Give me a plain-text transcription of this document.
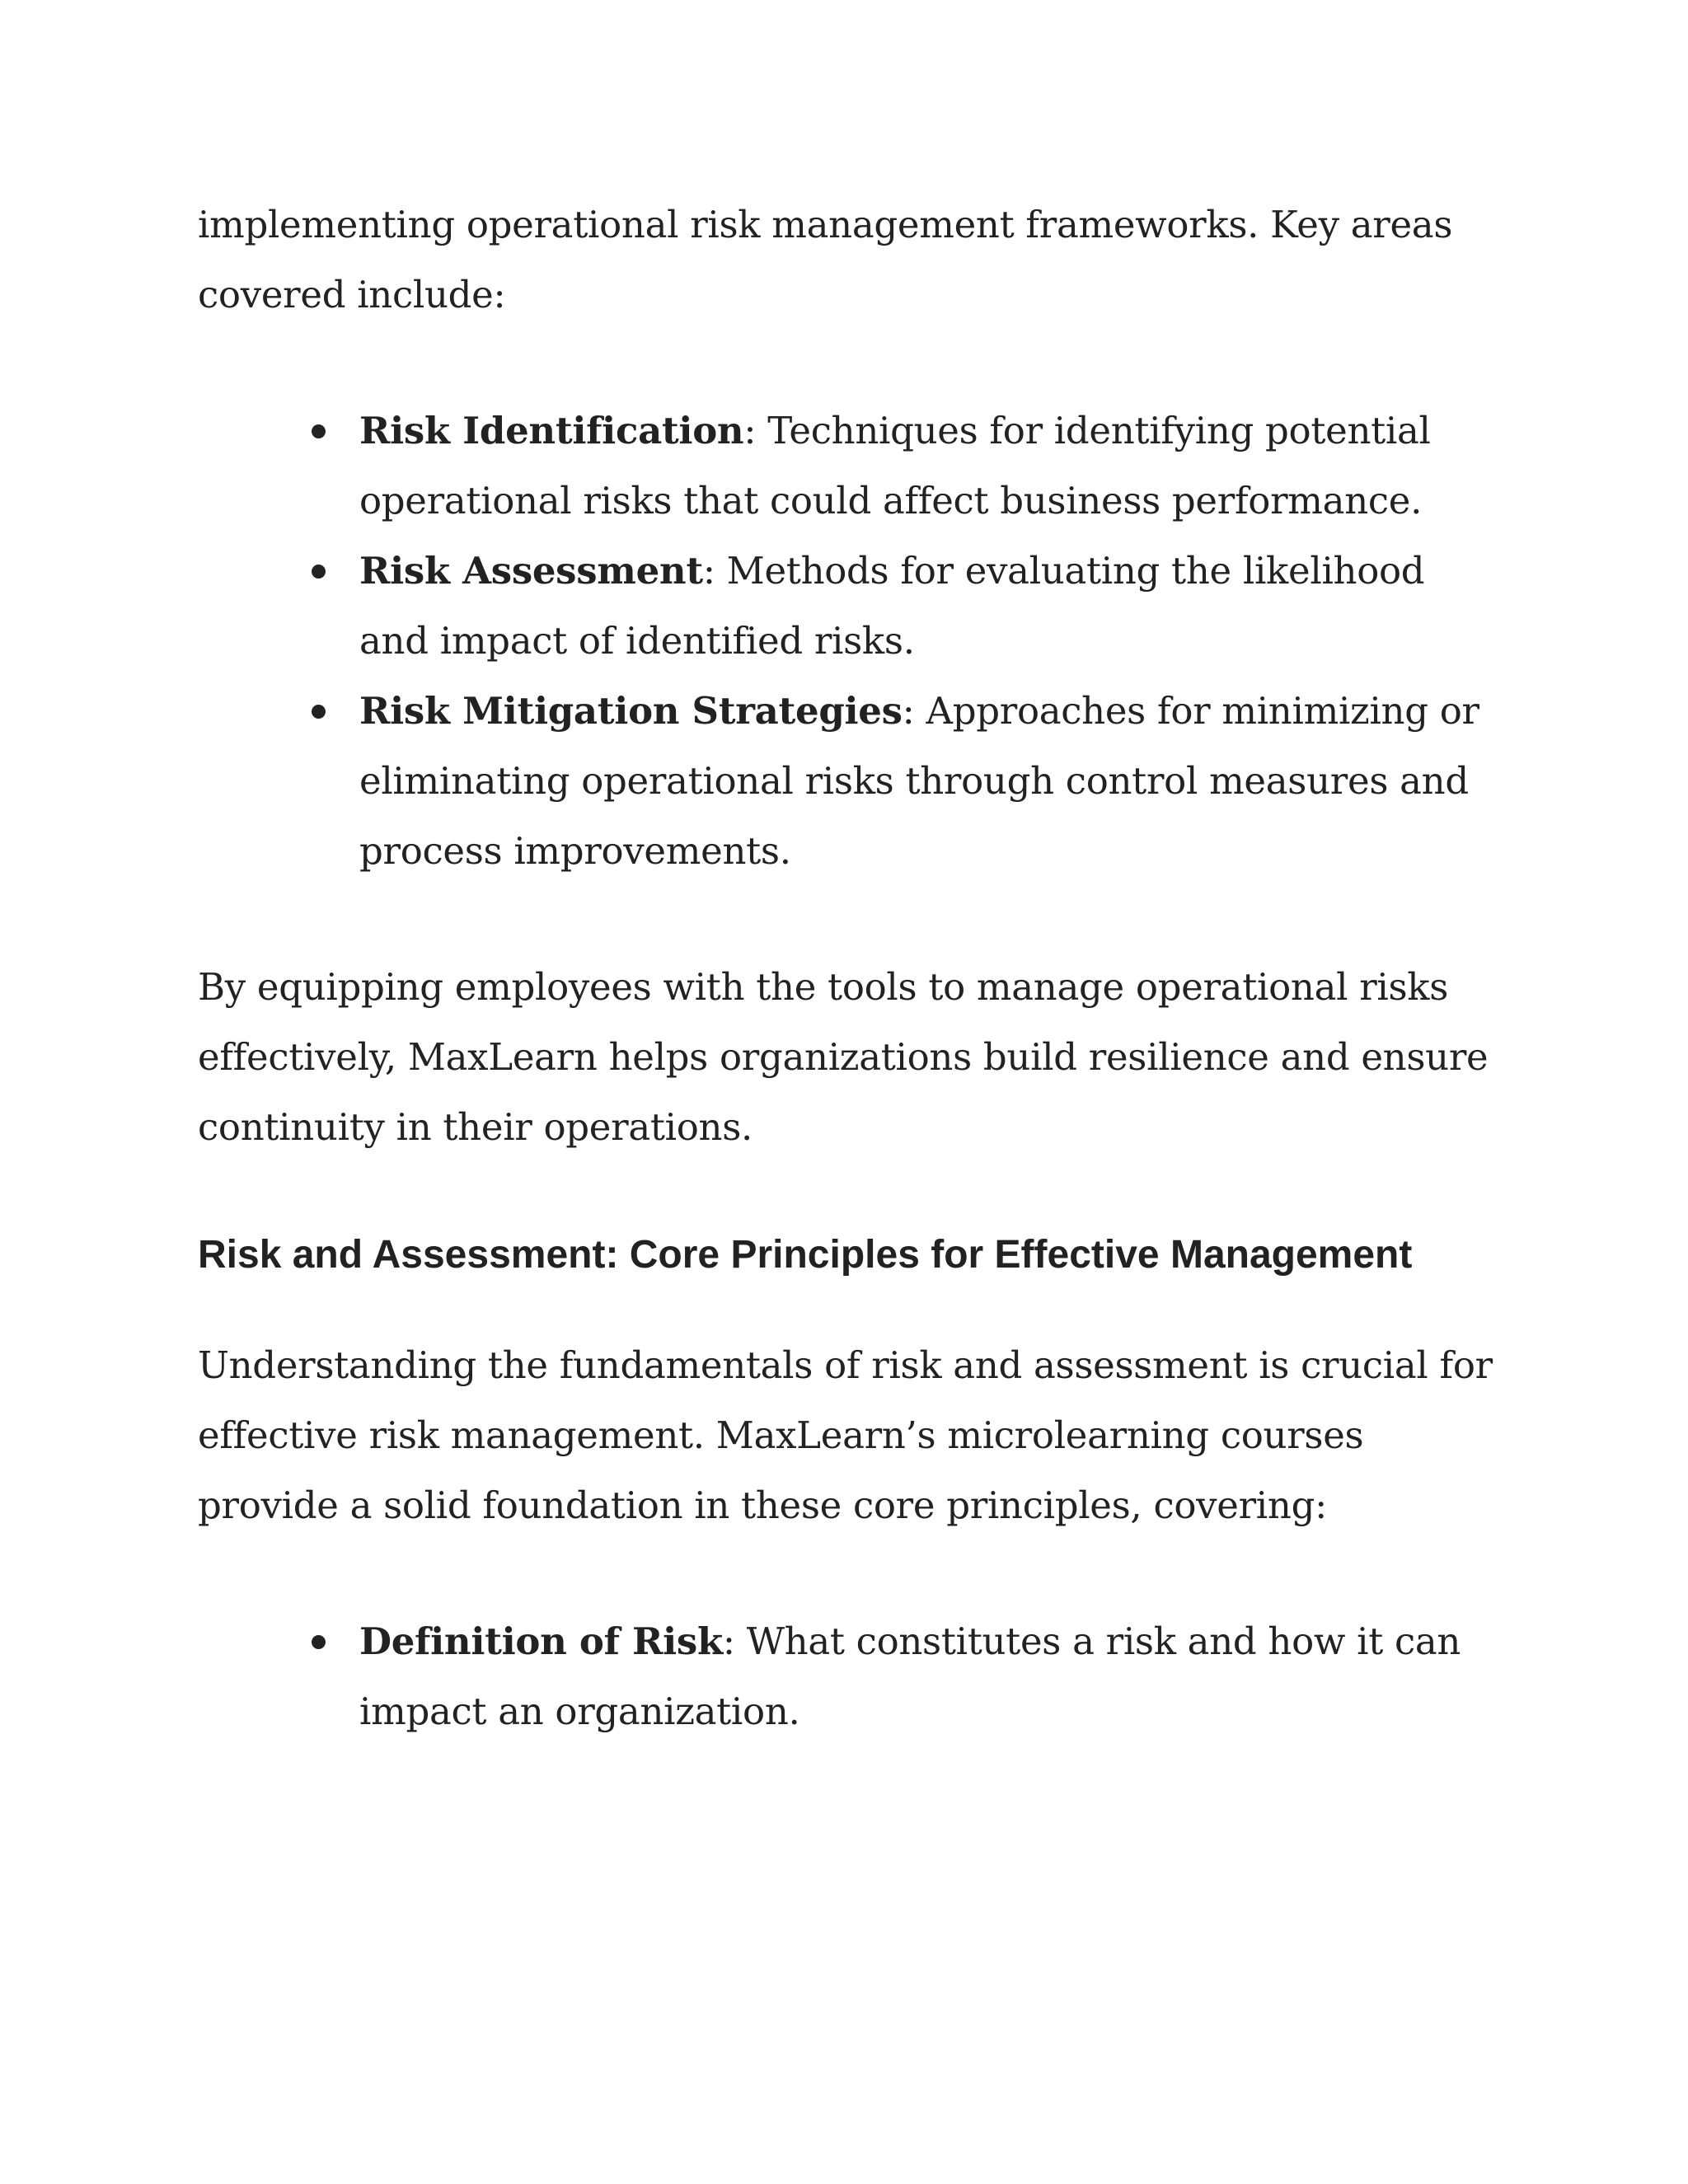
implementing operational risk management frameworks. Key areas covered include:

Risk Identification: Techniques for identifying potential operational risks that could affect business performance.
Risk Assessment: Methods for evaluating the likelihood and impact of identified risks.
Risk Mitigation Strategies: Approaches for minimizing or eliminating operational risks through control measures and process improvements.

By equipping employees with the tools to manage operational risks effectively, MaxLearn helps organizations build resilience and ensure continuity in their operations.

Risk and Assessment: Core Principles for Effective Management

Understanding the fundamentals of risk and assessment is crucial for effective risk management. MaxLearn’s microlearning courses provide a solid foundation in these core principles, covering:

Definition of Risk: What constitutes a risk and how it can impact an organization.
